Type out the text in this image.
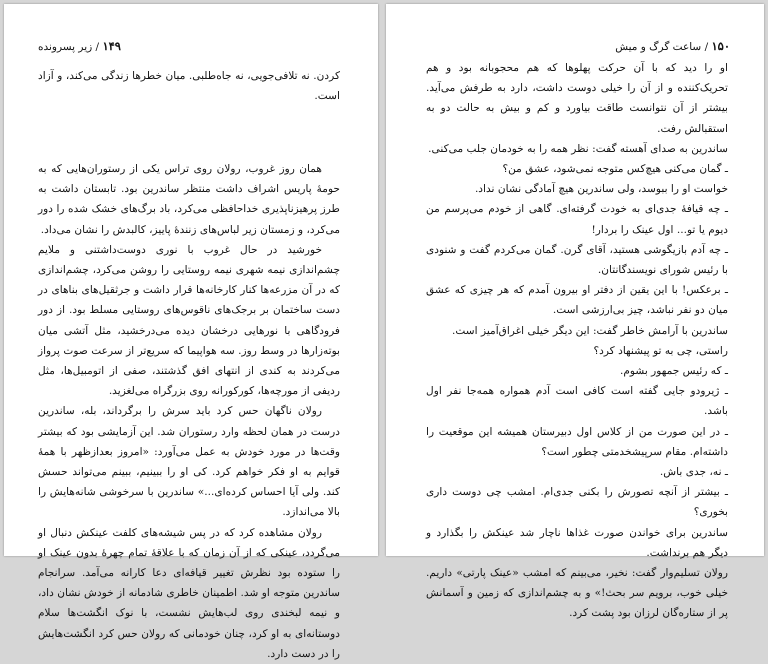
۱۴۹ / زیر پسرونده

کردن. نه تلافی‌جویی، نه جاه‌طلبی. میان خطرها زندگی می‌کند، و آزاد است.

همان روز غروب، رولان روی تراس یکی از رستوران‌هایی که به حومهٔ پاریس اشراف داشت منتظر ساندرین بود. تابستان داشت به طرز پرهیزناپذیری خداحافظی می‌کرد، باد برگ‌های خشک شده را دور می‌کرد، و زمستان زیر لباس‌های زنندهٔ پاییز، کالبدش را نشان می‌داد.

خورشید در حال غروب با نوری دوست‌داشتنی و ملایم چشم‌اندازی نیمه شهری نیمه روستایی را روشن می‌کرد، چشم‌اندازی که در آن مزرعه‌ها کنار کارخانه‌ها قرار داشت و جرثقیل‌های بناهای در دست ساختمان بر برجک‌های ناقوس‌های روستایی مسلط بود. از دور فرودگاهی با نورهایی درخشان دیده می‌درخشید، مثل آتشی میان بوته‌زارها در وسط روز. سه هواپیما که سریع‌تر از سرعت صوت پرواز می‌کردند به کندی از انتهای افق گذشتند، صفی از اتومبیل‌ها، مثل ردیفی از مورچه‌ها، کورکورانه روی بزرگراه می‌لغزید.

رولان ناگهان حس کرد باید سرش را برگرداند، بله، ساندرین درست در همان لحظه وارد رستوران شد. این آزمایشی بود که بیشتر وقت‌ها در مورد خودش به عمل می‌آورد: «امروز بعدازظهر با همهٔ قوایم به او فکر خواهم کرد. کی او را ببینیم، ببینم می‌تواند حسش کند. ولی آیا احساس کرده‌ای...» ساندرین با سرخوشی شانه‌هایش را بالا می‌اندازد.

رولان مشاهده کرد که در پس شیشه‌های کلفت عینکش دنبال او می‌گردد، عینکی که از آن زمان که با علاقهٔ تمام چهرهٔ بدون عینک او را ستوده بود نظرش تغییر قیافه‌ای دعا کارانه می‌آمد. سرانجام ساندرین متوجه او شد. اطمینان خاطری شادمانه از خودش نشان داد، و نیمه لبخندی روی لب‌هایش نشست، با نوک انگشت‌ها سلام دوستانه‌ای به او کرد، چنان خودمانی که رولان حس کرد انگشت‌هایش را در دست دارد.

۱۵۰ / ساعت گرگ و میش

او را دید که با آن حرکت پهلوها که هم محجوبانه بود و هم تحریک‌کننده و از آن را خیلی دوست داشت، دارد به طرفش می‌آید. بیشتر از آن نتوانست طاقت بیاورد و کم و بیش به حالت دو به استقبالش رفت.

ساندرین به صدای آهسته گفت: نظر همه را به خودمان جلب می‌کنی.

ـ گمان می‌کنی هیچ‌کس متوجه نمی‌شود، عشق من؟

خواست او را ببوسد، ولی ساندرین هیچ آمادگی نشان نداد.

ـ چه قیافهٔ جدی‌ای به خودت گرفته‌ای. گاهی از خودم می‌پرسم من دیوم یا تو... اول عینک را بردار!

ـ چه آدم بازیگوشی هستید، آقای گرن. گمان می‌کردم گفت و شنودی با رئیس شورای نویسندگانتان.

ـ برعکس! با این یقین از دفتر او بیرون آمدم که هر چیزی که عشق میان دو نفر نباشد، چیز بی‌ارزشی است.

ساندرین با آرامش خاطر گفت: این دیگر خیلی اغراق‌آمیز است.

راستی، چی به تو پیشنهاد کرد؟

ـ که رئیس جمهور بشوم.

ـ ژیرودو جایی گفته است کافی است آدم همواره همه‌جا نفر اول باشد.

ـ در این صورت من از کلاس اول دبیرستان همیشه این موقعیت را داشته‌ام. مقام سرپیشخدمتی چطور است؟

ـ نه، جدی باش.

ـ بیشتر از آنچه تصورش را بکنی جدی‌ام. امشب چی دوست داری بخوری؟

ساندرین برای خواندن صورت غذاها ناچار شد عینکش را بگذارد و دیگر هم برنداشت.

رولان تسلیم‌وار گفت: نخیر، می‌بینم که امشب «عینک پارتی» داریم. خیلی خوب، برویم سر بحث!» و به چشم‌اندازی که زمین و آسمانش پر از ستاره‌گان لرزان بود پشت کرد.
